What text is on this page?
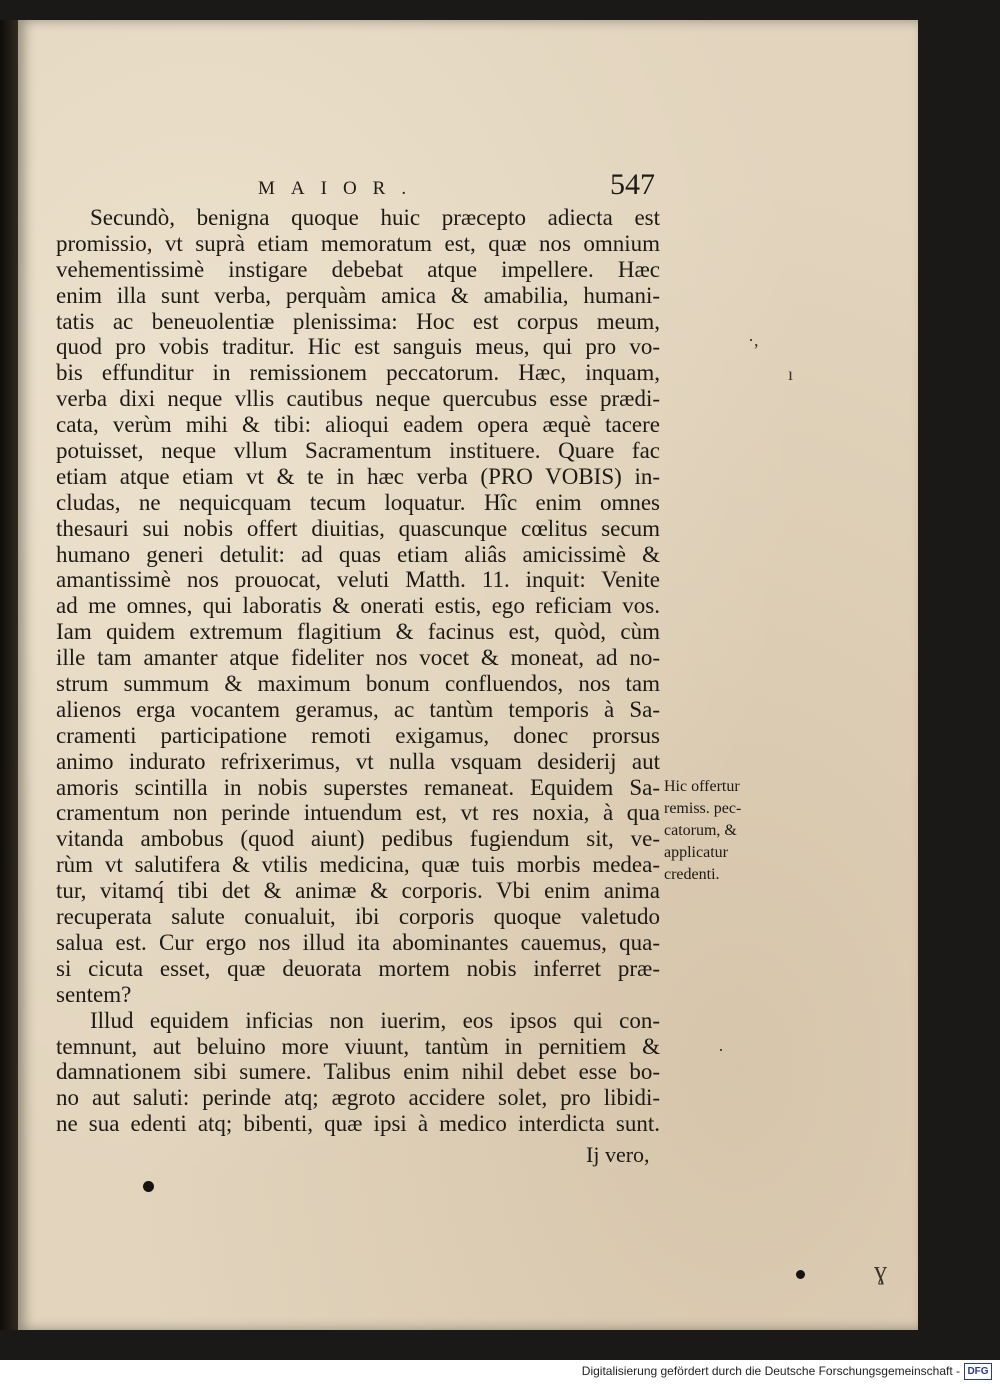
MAIOR.	547
Secundò, benigna quoque huic præcepto adiecta est
promissio, vt suprà etiam memoratum est, quæ nos omnium
vehementissimè instigare debebat atque impellere. Hæc
enim illa sunt verba, perquàm amica & amabilia, humani-
tatis ac beneuolentiæ plenissima: Hoc est corpus meum,
quod pro vobis traditur. Hic est sanguis meus, qui pro vo-
bis effunditur in remissionem peccatorum. Hæc, inquam,
verba dixi neque vllis cautibus neque quercubus esse prædi-
cata, verùm mihi & tibi: alioqui eadem opera æquè tacere
potuisset, neque vllum Sacramentum instituere. Quare fac
etiam atque etiam vt & te in hæc verba (PRO VOBIS) in-
cludas, ne nequicquam tecum loquatur. Hîc enim omnes
thesauri sui nobis offert diuitias, quascunque cœlitus secum
humano generi detulit: ad quas etiam aliâs amicissimè &
amantissimè nos prouocat, veluti Matth. 11. inquit: Venite
ad me omnes, qui laboratis & onerati estis, ego reficiam vos.
Iam quidem extremum flagitium & facinus est, quòd, cùm
ille tam amanter atque fideliter nos vocet & moneat, ad no-
strum summum & maximum bonum confluendos, nos tam
alienos erga vocantem geramus, ac tantùm temporis à Sa-
cramenti participatione remoti exigamus, donec prorsus
animo indurato refrixerimus, vt nulla vsquam desiderij aut
amoris scintilla in nobis superstes remaneat. Equidem Sa-
cramentum non perinde intuendum est, vt res noxia, à qua
vitanda ambobus (quod aiunt) pedibus fugiendum sit, ve-
rùm vt salutifera & vtilis medicina, quæ tuis morbis medea-
tur, vitamq́ tibi det & animæ & corporis. Vbi enim anima
recuperata salute conualuit, ibi corporis quoque valetudo
salua est. Cur ergo nos illud ita abominantes cauemus, qua-
si cicuta esset, quæ deuorata mortem nobis inferret præ-
sentem?
Illud equidem inficias non iuerim, eos ipsos qui con-
temnunt, aut beluino more viuunt, tantùm in pernitiem &
damnationem sibi sumere. Talibus enim nihil debet esse bo-
no aut saluti: perinde atq; ægroto accidere solet, pro libidi-
ne sua edenti atq; bibenti, quæ ipsi à medico interdicta sunt.
Ij vero,
Hic offertur
remiss. pec-
catorum, &
applicatur
credenti.
ɣ
·,
ı
·
Digitalisierung gefördert durch die Deutsche Forschungsgemeinschaft - DFG
